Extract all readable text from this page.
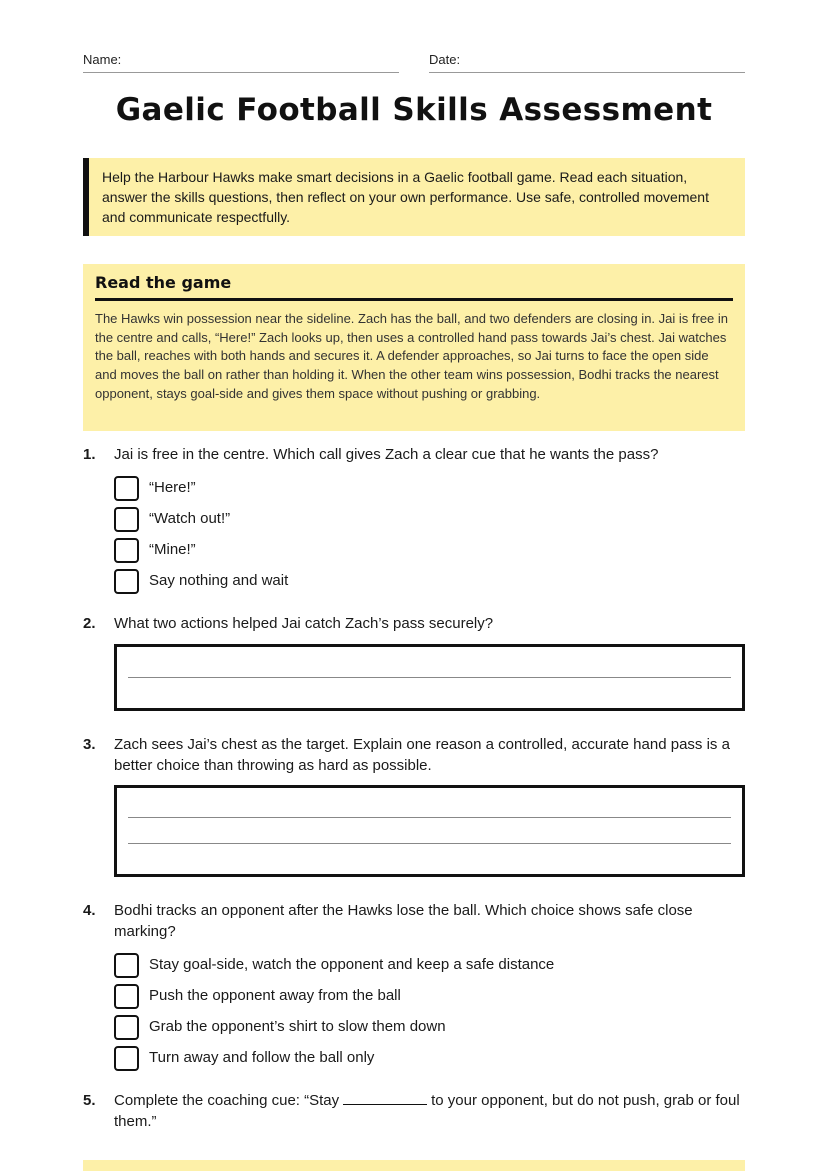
Name:	Date:
Gaelic Football Skills Assessment
Help the Harbour Hawks make smart decisions in a Gaelic football game. Read each situation, answer the skills questions, then reflect on your own performance. Use safe, controlled movement and communicate respectfully.
Read the game
The Hawks win possession near the sideline. Zach has the ball, and two defenders are closing in. Jai is free in the centre and calls, “Here!” Zach looks up, then uses a controlled hand pass towards Jai’s chest. Jai watches the ball, reaches with both hands and secures it. A defender approaches, so Jai turns to face the open side and moves the ball on rather than holding it. When the other team wins possession, Bodhi tracks the nearest opponent, stays goal-side and gives them space without pushing or grabbing.
1. Jai is free in the centre. Which call gives Zach a clear cue that he wants the pass?
“Here!”
“Watch out!”
“Mine!”
Say nothing and wait
2. What two actions helped Jai catch Zach’s pass securely?
3. Zach sees Jai’s chest as the target. Explain one reason a controlled, accurate hand pass is a better choice than throwing as hard as possible.
4. Bodhi tracks an opponent after the Hawks lose the ball. Which choice shows safe close marking?
Stay goal-side, watch the opponent and keep a safe distance
Push the opponent away from the ball
Grab the opponent’s shirt to slow them down
Turn away and follow the ball only
5. Complete the coaching cue: “Stay	to your opponent, but do not push, grab or foul them.”
